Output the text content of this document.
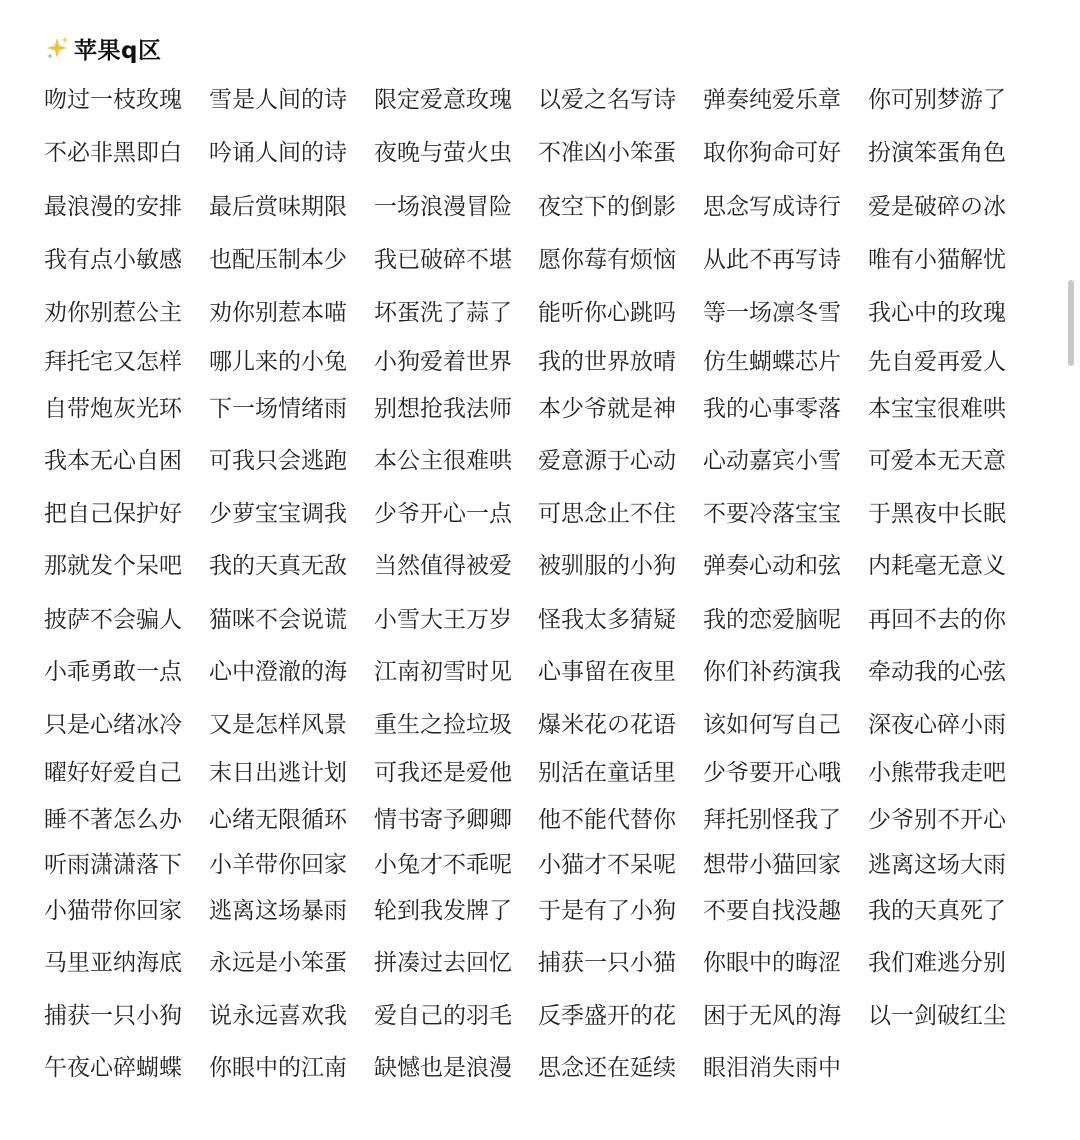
苹果q区
吻过一枝玫瑰 雪是人间的诗 限定爱意玫瑰 以爱之名写诗 弹奏纯爱乐章 你可别梦游了
不必非黑即白 吟诵人间的诗 夜晚与萤火虫 不准凶小笨蛋 取你狗命可好 扮演笨蛋角色
最浪漫的安排 最后赏味期限 一场浪漫冒险 夜空下的倒影 思念写成诗行 爱是破碎の冰
我有点小敏感 也配压制本少 我已破碎不堪 愿你莓有烦恼 从此不再写诗 唯有小猫解忧
劝你别惹公主 劝你别惹本喵 坏蛋洗了蒜了 能听你心跳吗 等一场凛冬雪 我心中的玫瑰
拜托宅又怎样 哪儿来的小兔 小狗爱着世界 我的世界放晴 仿生蝴蝶芯片 先自爱再爱人
自带炮灰光环 下一场情绪雨 别想抢我法师 本少爷就是神 我的心事零落 本宝宝很难哄
我本无心自困 可我只会逃跑 本公主很难哄 爱意源于心动 心动嘉宾小雪 可爱本无天意
把自己保护好 少萝宝宝调我 少爷开心一点 可思念止不住 不要冷落宝宝 于黑夜中长眠
那就发个呆吧 我的天真无敌 当然值得被爱 被驯服的小狗 弹奏心动和弦 内耗毫无意义
披萨不会骗人 猫咪不会说谎 小雪大王万岁 怪我太多猜疑 我的恋爱脑呢 再回不去的你
小乖勇敢一点 心中澄澈的海 江南初雪时见 心事留在夜里 你们补药演我 牵动我的心弦
只是心绪冰冷 又是怎样风景 重生之捡垃圾 爆米花の花语 该如何写自己 深夜心碎小雨
曜好好爱自己 末日出逃计划 可我还是爱他 别活在童话里 少爷要开心哦 小熊带我走吧
睡不著怎么办 心绪无限循环 情书寄予卿卿 他不能代替你 拜托别怪我了 少爷别不开心
听雨潇潇落下 小羊带你回家 小兔才不乖呢 小猫才不呆呢 想带小猫回家 逃离这场大雨
小猫带你回家 逃离这场暴雨 轮到我发牌了 于是有了小狗 不要自找没趣 我的天真死了
马里亚纳海底 永远是小笨蛋 拼凑过去回忆 捕获一只小猫 你眼中的晦涩 我们难逃分别
捕获一只小狗 说永远喜欢我 爱自己的羽毛 反季盛开的花 困于无风的海 以一剑破红尘
午夜心碎蝴蝶 你眼中的江南 缺憾也是浪漫 思念还在延续 眼泪消失雨中
